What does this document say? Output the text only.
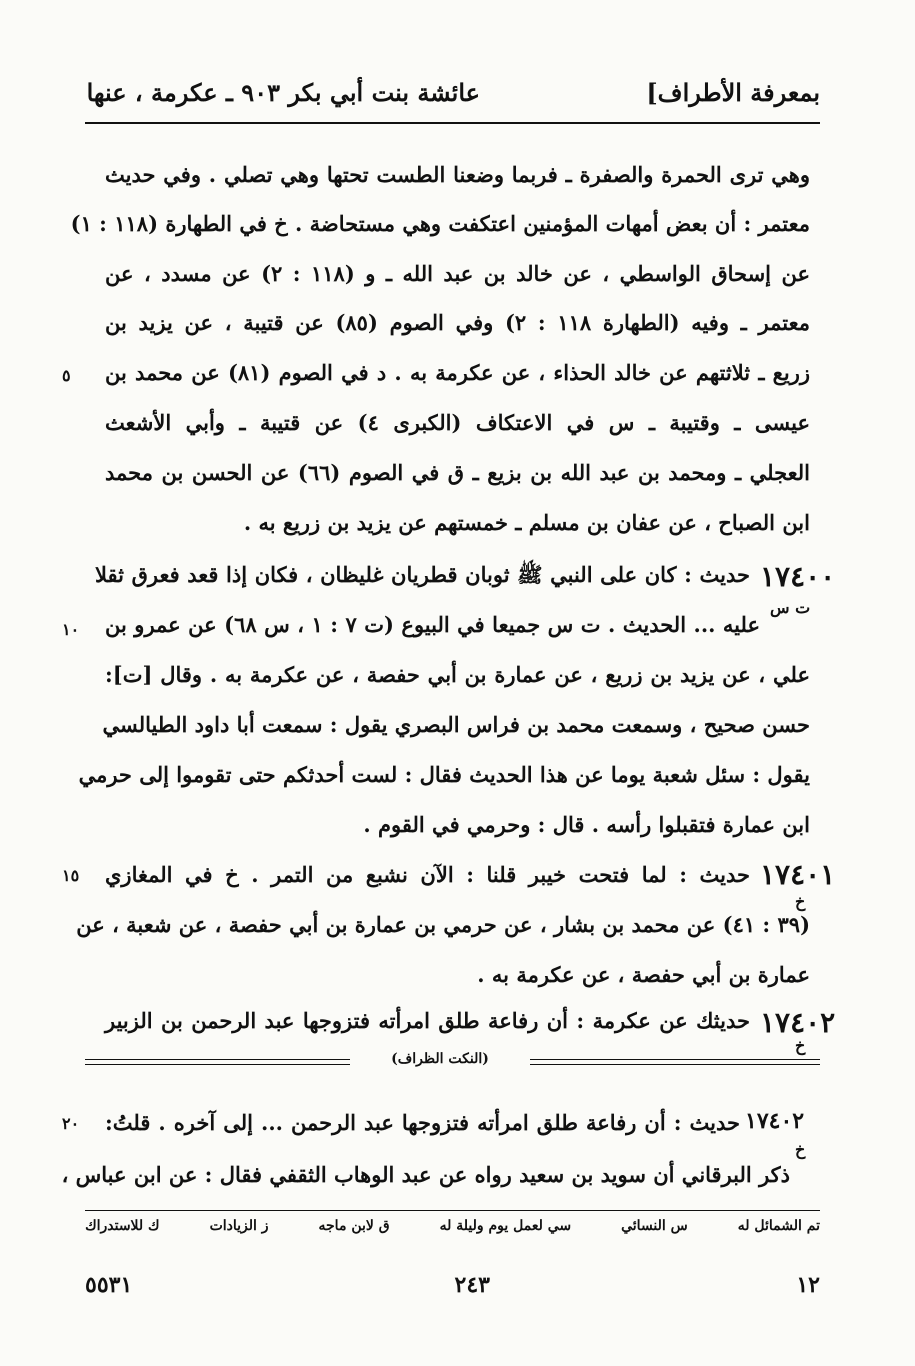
بمعرفة الأطراف]
عائشة بنت أبي بكر ٩٠٣ ـ عكرمة ، عنها
وهي ترى الحمرة والصفرة ـ فربما وضعنا الطست تحتها وهي تصلي . وفي حديث
معتمر : أن بعض أمهات المؤمنين اعتكفت وهي مستحاضة . خ في الطهارة (١١٨ : ١)
عن إسحاق الواسطي ، عن خالد بن عبد الله ـ و (١١٨ : ٢) عن مسدد ، عن
معتمر ـ وفيه (الطهارة ١١٨ : ٢) وفي الصوم (٨٥) عن قتيبة ، عن يزيد بن
زريع ـ ثلاثتهم عن خالد الحذاء ، عن عكرمة به . د في الصوم (٨١) عن محمد بن
عيسى ـ وقتيبة ـ س في الاعتكاف (الكبرى ٤) عن قتيبة ـ وأبي الأشعث
العجلي ـ ومحمد بن عبد الله بن بزيع ـ ق في الصوم (٦٦) عن الحسن بن محمد
ابن الصباح ، عن عفان بن مسلم ـ خمستهم عن يزيد بن زريع به .
١٧٤٠٠
حديث : كان على النبي ﷺ ثوبان قطريان غليظان ، فكان إذا قعد فعرق ثقلا
ت س
عليه ... الحديث . ت س جميعا في البيوع (ت ٧ : ١ ، س ٦٨) عن عمرو بن
علي ، عن يزيد بن زريع ، عن عمارة بن أبي حفصة ، عن عكرمة به . وقال [ت]:
حسن صحيح ، وسمعت محمد بن فراس البصري يقول : سمعت أبا داود الطيالسي
يقول : سئل شعبة يوما عن هذا الحديث فقال : لست أحدثكم حتى تقوموا إلى حرمي
ابن عمارة فتقبلوا رأسه . قال : وحرمي في القوم .
١٧٤٠١
حديث : لما فتحت خيبر قلنا : الآن نشبع من التمر . خ في المغازي
خ
(٣٩ : ٤١) عن محمد بن بشار ، عن حرمي بن عمارة بن أبي حفصة ، عن شعبة ، عن
عمارة بن أبي حفصة ، عن عكرمة به .
١٧٤٠٢
حديثك عن عكرمة : أن رفاعة طلق امرأته فتزوجها عبد الرحمن بن الزبير
خ
(النكت الظراف)
١٧٤٠٢
حديث : أن رفاعة طلق امرأته فتزوجها عبد الرحمن ... إلى آخره . قلتُ:
خ
ذكر البرقاني أن سويد بن سعيد رواه عن عبد الوهاب الثقفي فقال : عن ابن عباس ،
٥
١٠
١٥
٢٠
تم الشمائل له
س النسائي
سي لعمل يوم وليلة له
ق لابن ماجه
ز الزيادات
ك للاستدراك
١٢
٢٤٣
٥٥٣١
